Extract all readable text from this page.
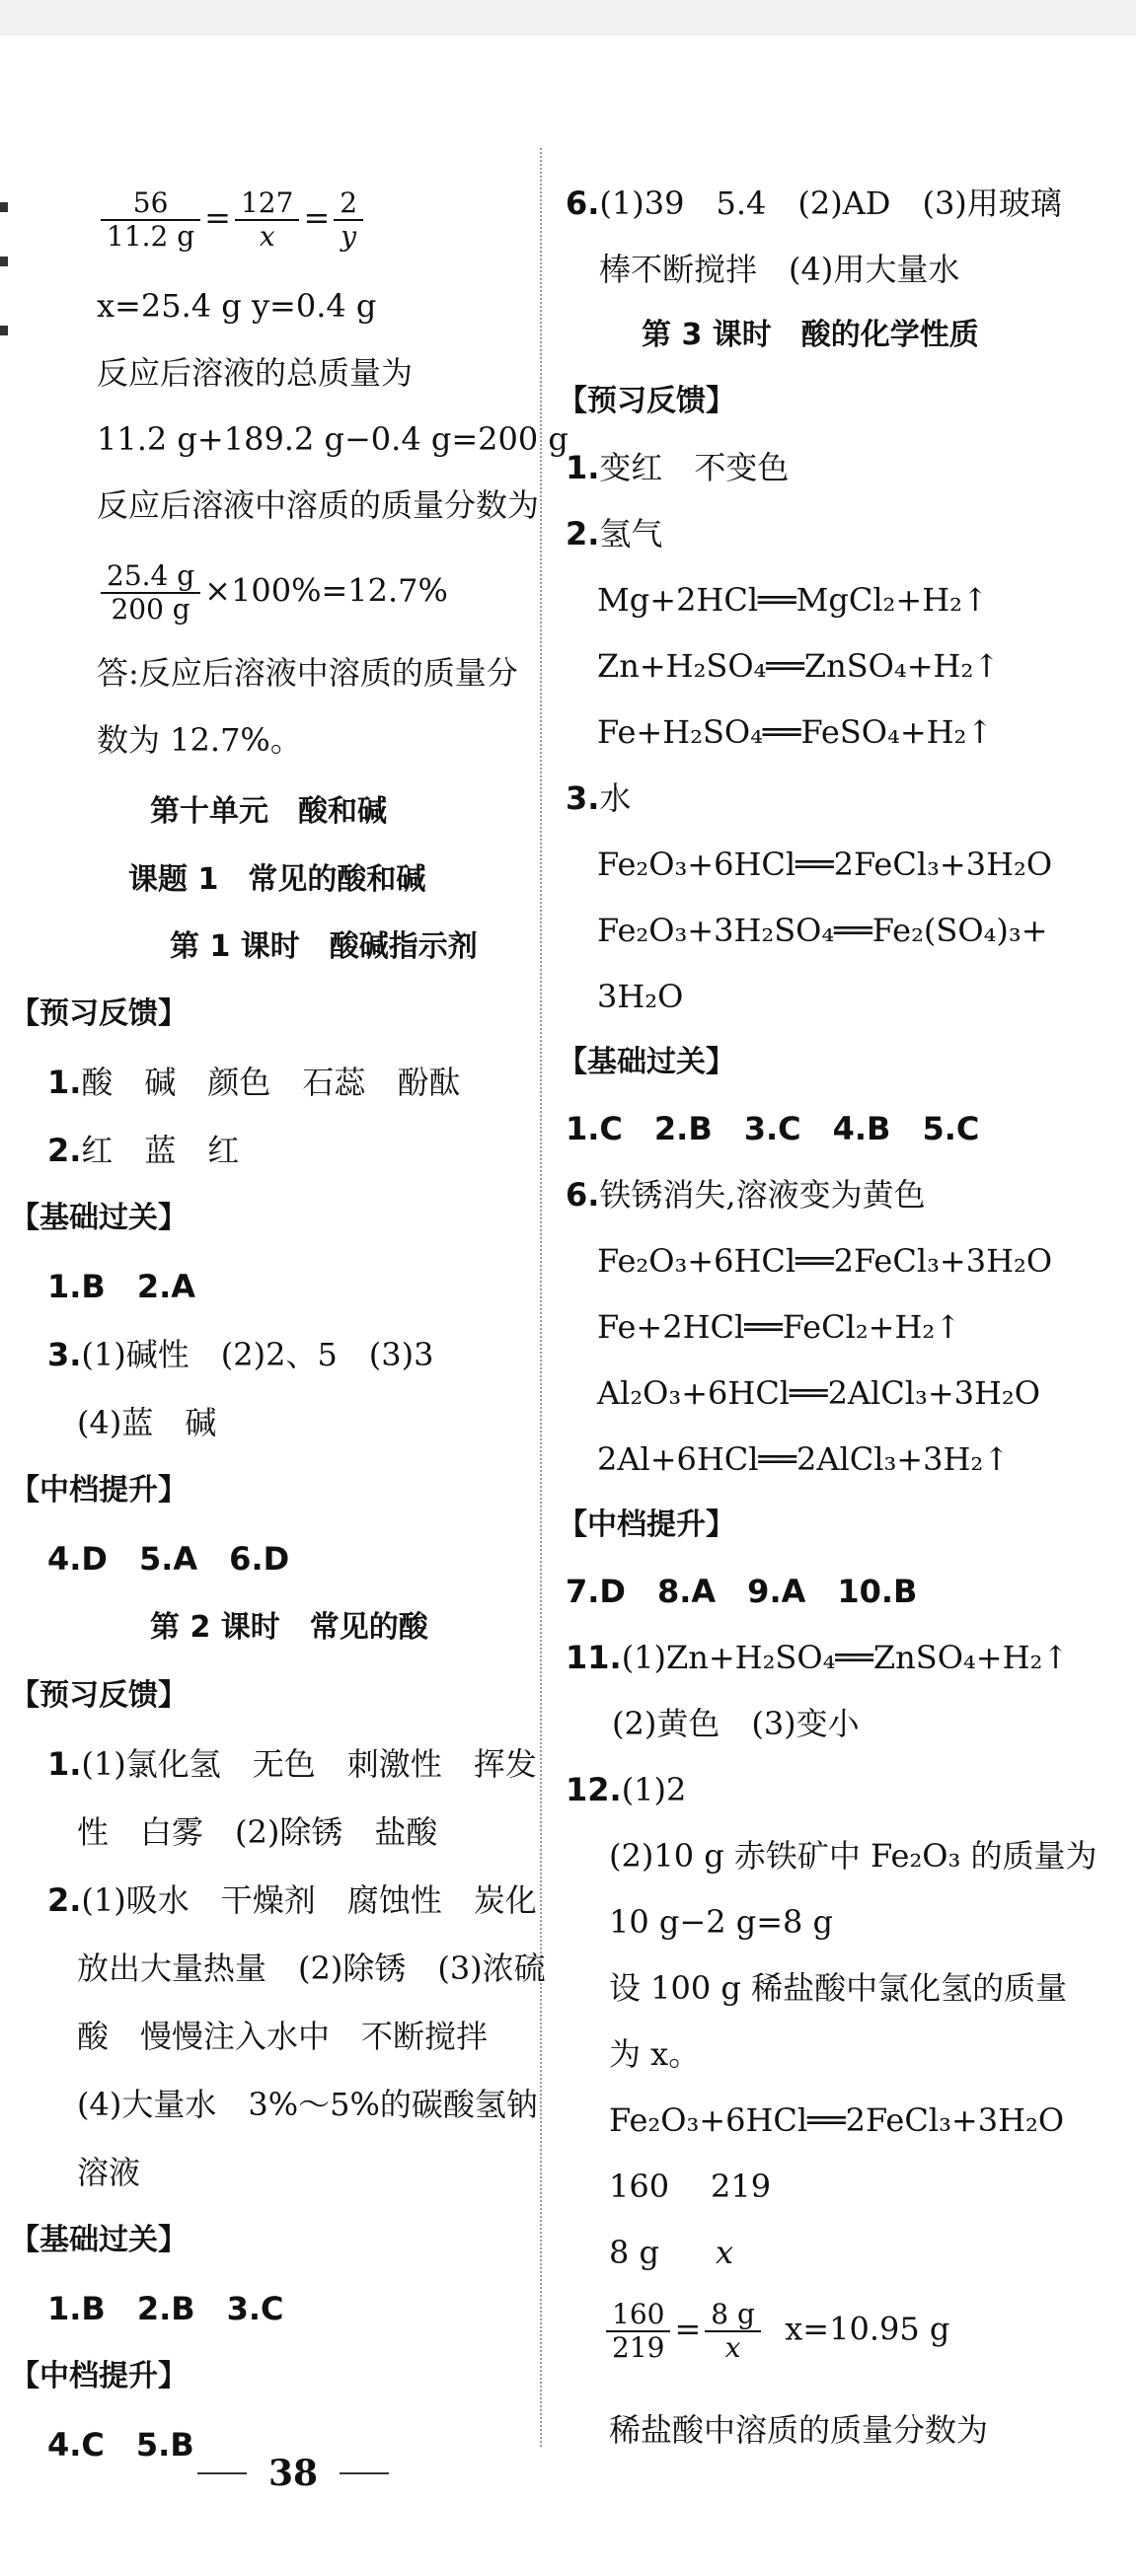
$\frac{56}{11.2 g} = \frac{127}{x} = \frac{2}{y}$
x=25.4 g y=0.4 g
反应后溶液的总质量为
11.2 g+189.2 g−0.4 g=200 g
反应后溶液中溶质的质量分数为
$\frac{25.4 g}{200 g} \times 100\%=12.7\%$
答:反应后溶液中溶质的质量分
数为 12.7%。
第十单元　酸和碱
课题 1　常见的酸和碱
第 1 课时　酸碱指示剂
【预习反馈】
1.酸　碱　颜色　石蕊　酚酞
2.红　蓝　红
【基础过关】
1.B　2.A
3.(1)碱性　(2)2、5　(3)3
(4)蓝　碱
【中档提升】
4.D　5.A　6.D
第 2 课时　常见的酸
【预习反馈】
1.(1)氯化氢　无色　刺激性　挥发
性　白雾　(2)除锈　盐酸
2.(1)吸水　干燥剂　腐蚀性　炭化
放出大量热量　(2)除锈　(3)浓硫
酸　慢慢注入水中　不断搅拌
(4)大量水　3%～5%的碳酸氢钠
溶液
【基础过关】
1.B　2.B　3.C
【中档提升】
4.C　5.B
6.(1)39　5.4　(2)AD　(3)用玻璃
棒不断搅拌　(4)用大量水
第 3 课时　酸的化学性质
【预习反馈】
1.变红　不变色
2.氢气
Mg+2HCl══MgCl₂+H₂↑
Zn+H₂SO₄══ZnSO₄+H₂↑
Fe+H₂SO₄══FeSO₄+H₂↑
3.水
Fe₂O₃+6HCl══2FeCl₃+3H₂O
Fe₂O₃+3H₂SO₄══Fe₂(SO₄)₃+
3H₂O
【基础过关】
1.C　2.B　3.C　4.B　5.C
6.铁锈消失,溶液变为黄色
Fe₂O₃+6HCl══2FeCl₃+3H₂O
Fe+2HCl══FeCl₂+H₂↑
Al₂O₃+6HCl══2AlCl₃+3H₂O
2Al+6HCl══2AlCl₃+3H₂↑
【中档提升】
7.D　8.A　9.A　10.B
11.(1)Zn+H₂SO₄══ZnSO₄+H₂↑
(2)黄色　(3)变小
12.(1)2
(2)10 g 赤铁矿中 Fe₂O₃ 的质量为
10 g−2 g=8 g
设 100 g 稀盐酸中氯化氢的质量
为 x。
Fe₂O₃+6HCl══2FeCl₃+3H₂O
160 219
8 g x
$\frac{160}{219} = \frac{8 g}{x} x=10.95$ g
稀盐酸中溶质的质量分数为
38
